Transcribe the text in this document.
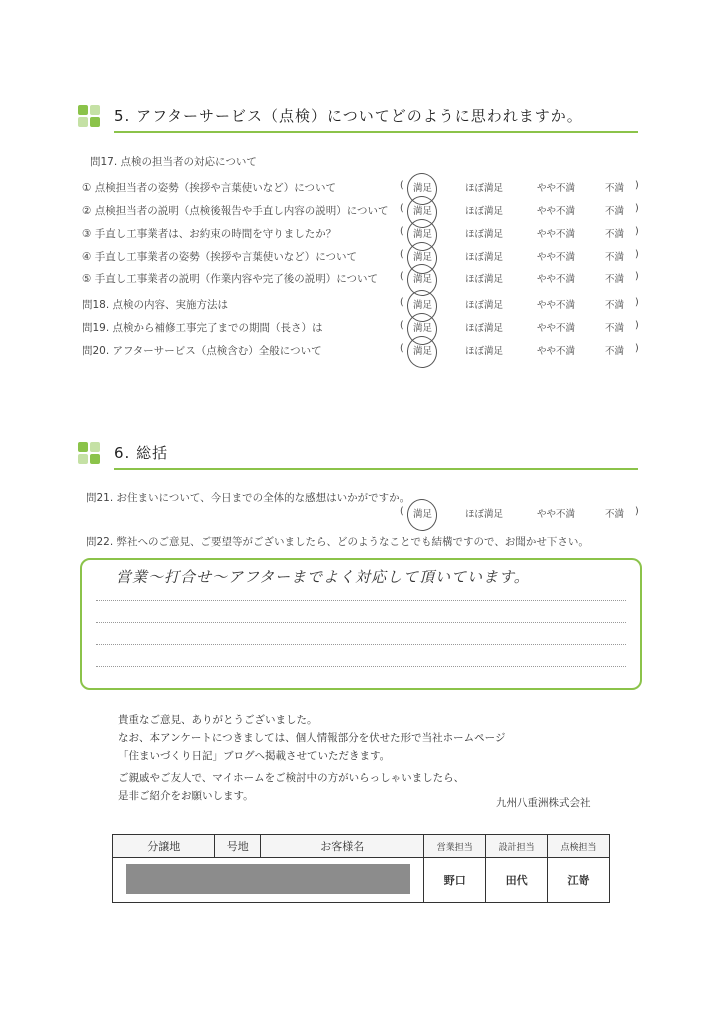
5. アフターサービス（点検）についてどのように思われますか。
問17. 点検の担当者の対応について
① 点検担当者の姿勢（挨拶や言葉使いなど）について	( 満足	ほぼ満足	やや不満	不満 )
② 点検担当者の説明（点検後報告や手直し内容の説明）について ( 満足	ほぼ満足	やや不満	不満 )
③ 手直し工事業者は、お約束の時間を守りましたか？	( 満足	ほぼ満足	やや不満	不満 )
④ 手直し工事業者の姿勢（挨拶や言葉使いなど）について	( 満足	ほぼ満足	やや不満	不満 )
⑤ 手直し工事業者の説明（作業内容や完了後の説明）について ( 満足	ほぼ満足	やや不満	不満 )
問18. 点検の内容、実施方法は	( 満足	ほぼ満足	やや不満	不満 )
問19. 点検から補修工事完了までの期間（長さ）は	( 満足	ほぼ満足	やや不満	不満 )
問20. アフターサービス（点検含む）全般について	( 満足	ほぼ満足	やや不満	不満 )
6. 総括
問21. お住まいについて、今日までの全体的な感想はいかがですか。
( 満足	ほぼ満足	やや不満	不満 )
問22. 弊社へのご意見、ご要望等がございましたら、どのようなことでも結構ですので、お聞かせ下さい。
営業〜打合せ〜アフターまでよく対応して頂いています。
貴重なご意見、ありがとうございました。
なお、本アンケートにつきましては、個人情報部分を伏せた形で当社ホームページ
「住まいづくり日記」ブログへ掲載させていただきます。
ご親戚やご友人で、マイホームをご検討中の方がいらっしゃいましたら、
是非ご紹介をお願いします。
九州八重洲株式会社
分譲地	号地	お客様名	営業担当	設計担当	点検担当
			野口	田代	江嵜
